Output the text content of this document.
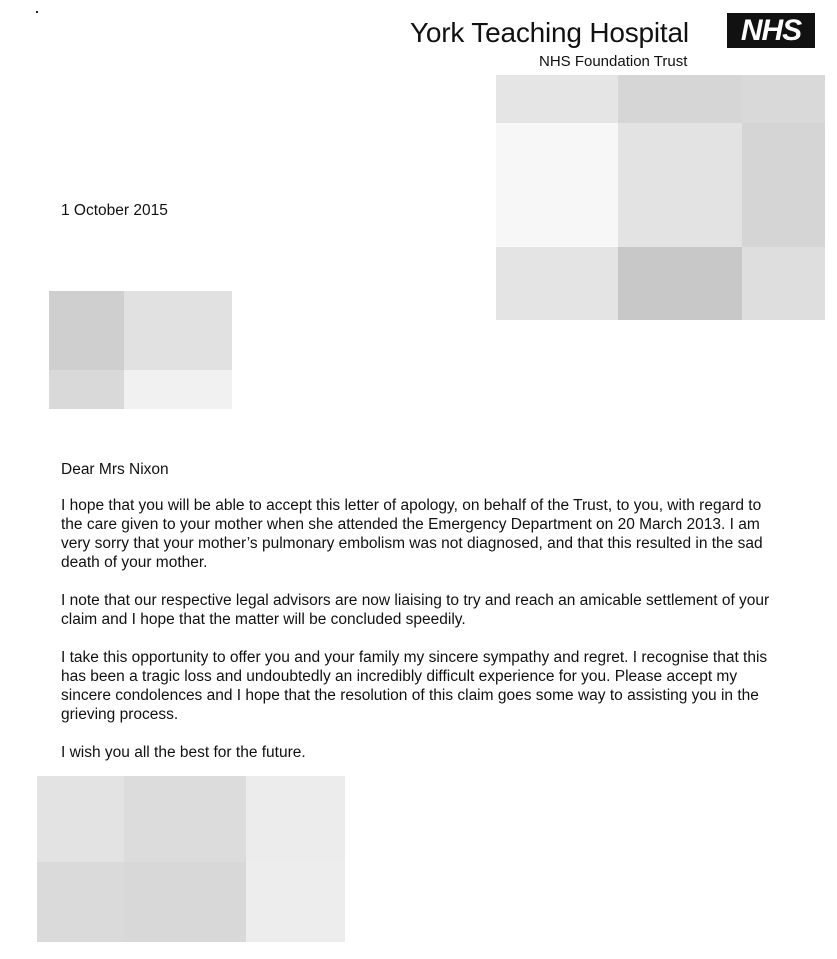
York Teaching Hospital	NHS
NHS Foundation Trust
1 October 2015

Dear Mrs Nixon

I hope that you will be able to accept this letter of apology, on behalf of the Trust, to you, with regard to the care given to your mother when she attended the Emergency Department on 20 March 2013. I am very sorry that your mother’s pulmonary embolism was not diagnosed, and that this resulted in the sad death of your mother.

I note that our respective legal advisors are now liaising to try and reach an amicable settlement of your claim and I hope that the matter will be concluded speedily.

I take this opportunity to offer you and your family my sincere sympathy and regret. I recognise that this has been a tragic loss and undoubtedly an incredibly difficult experience for you. Please accept my sincere condolences and I hope that the resolution of this claim goes some way to assisting you in the grieving process.

I wish you all the best for the future.
